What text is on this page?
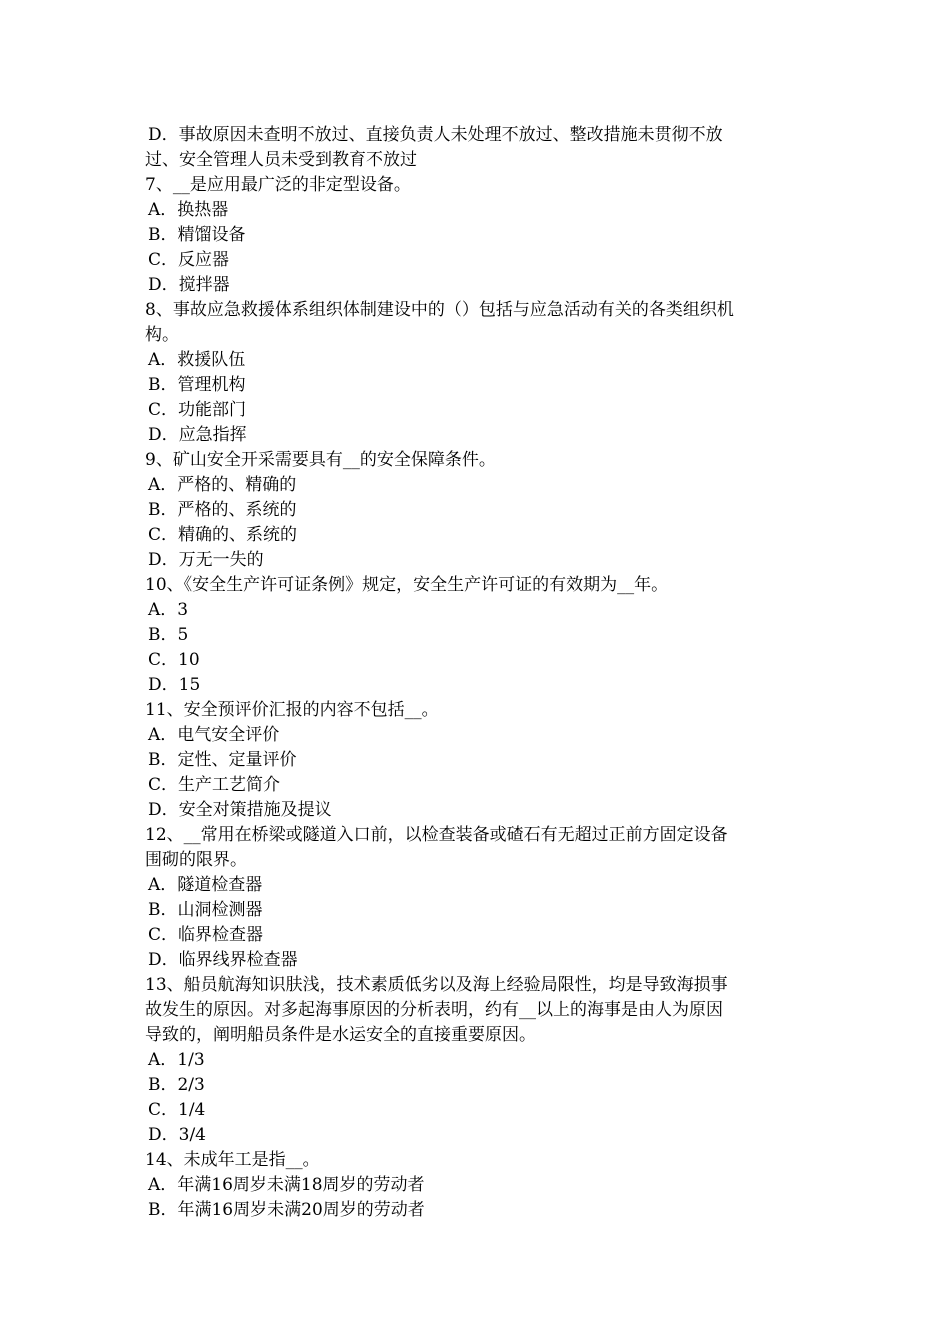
D．事故原因未查明不放过、直接负责人未处理不放过、整改措施未贯彻不放
过、安全管理人员未受到教育不放过
7、__是应用最广泛的非定型设备。
A．换热器
B．精馏设备
C．反应器
D．搅拌器
8、事故应急救援体系组织体制建设中的（）包括与应急活动有关的各类组织机
构。
A．救援队伍
B．管理机构
C．功能部门
D．应急指挥
9、矿山安全开采需要具有__的安全保障条件。
A．严格的、精确的
B．严格的、系统的
C．精确的、系统的
D．万无一失的
10、《安全生产许可证条例》规定，安全生产许可证的有效期为__年。
A．3
B．5
C．10
D．15
11、安全预评价汇报的内容不包括__。
A．电气安全评价
B．定性、定量评价
C．生产工艺简介
D．安全对策措施及提议
12、__常用在桥梁或隧道入口前，以检查装备或碴石有无超过正前方固定设备
围砌的限界。
A．隧道检查器
B．山洞检测器
C．临界检查器
D．临界线界检查器
13、船员航海知识肤浅，技术素质低劣以及海上经验局限性，均是导致海损事
故发生的原因。对多起海事原因的分析表明，约有__以上的海事是由人为原因
导致的，阐明船员条件是水运安全的直接重要原因。
A．1/3
B．2/3
C．1/4
D．3/4
14、未成年工是指__。
A．年满16周岁未满18周岁的劳动者
B．年满16周岁未满20周岁的劳动者
